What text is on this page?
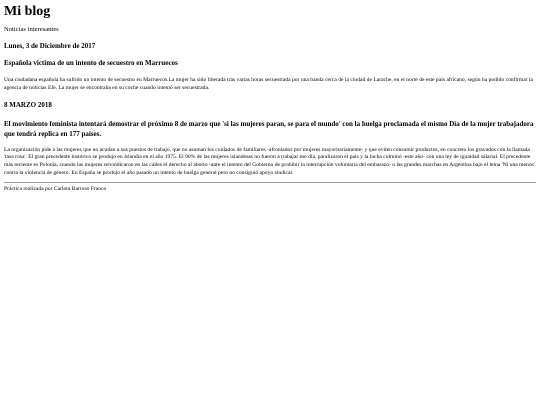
Mi blog

Noticias interesantes

Lunes, 3 de Diciembre de 2017
Española victima de un intento de secuestro en Marruecos

Una ciudadana española ha sufrido un intento de secuestro en Marruecos.La mujer ha sido liberada tras varias horas secuestrada por una banda cerca de la ciudad de Larache, en el norte de este país africano, según ha podido confirmar la agencia de noticias Efe. La mujer se encontraba en su coche cuando intentó ser secuestrada.

8 MARZO 2018
El movimiento feminista intentará demostrar el próximo 8 de marzo que 'si las mujeres paran, se para el mundo' con la huelga proclamada el mismo Día de la mujer trabajadora que tendrá replica en 177 países.

La organización pide a las mujeres que no acudan a sus puestos de trabajo, que no asuman los cuidados de familiares -afrontados por mujeres mayoritariamente- y que eviten consumir productos, en concreto los gravados con la llamada 'tasa rosa'. El gran precedente histórico se produjo en Islandia en el año 1975. El 90% de las mujeres islandesas no fueron a trabajar ese día, paralizaron el país y la lucha culminó -este año- con una ley de igualdad salarial. El precedente más reciente es Polonia, cuando las mujeres reivindicaron en las calles el derecho al aborto -ante el intento del Gobierno de prohibir la interrupción voluntaria del embarazo- o las grandes marchas en Argentina bajo el lema 'Ni una menos' contra la violencia de género. En España se produjo el año pasado un intento de huelga general pero no consiguió apoyo sindical.

Práctica realizada por Carlota Barroso Franco
